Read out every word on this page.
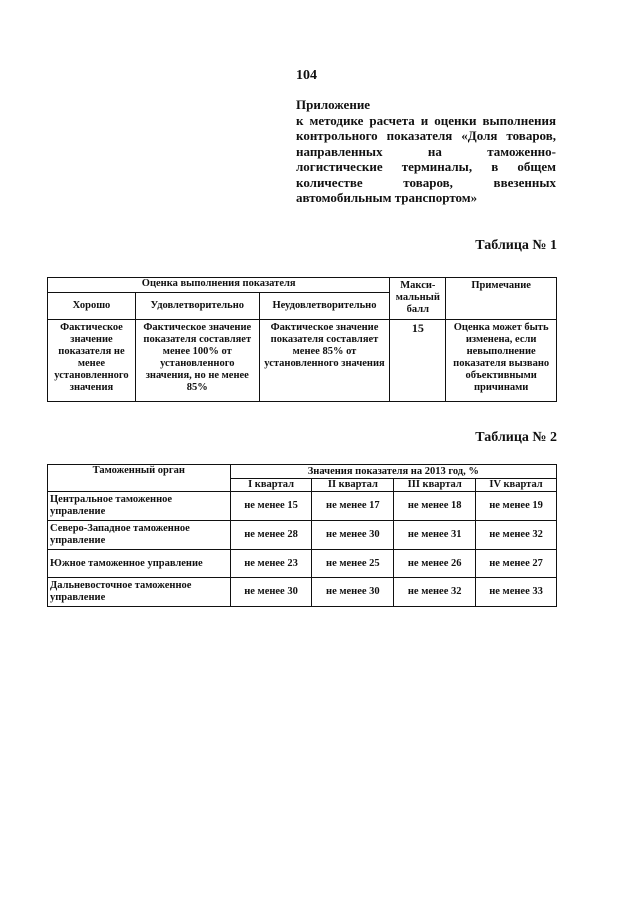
104
Приложение
к методике расчета и оценки выполнения
контрольного показателя «Доля товаров,
направленных на таможенно-
логистические терминалы, в общем
количестве товаров, ввезенных
автомобильным транспортом»
Таблица № 1
Оценка выполнения показателя			Макси-мальный балл	Примечание

Хорошо	Удовлетворительно	Неудовлетворительно		

Фактическое значение показателя не менее установленного значения	Фактическое значение показателя составляет менее 100% от установленного значения, но не менее 85%	Фактическое значение показателя составляет менее 85% от установленного значения	15	Оценка может быть изменена, если невыполнение показателя вызвано объективными причинами
Таблица № 2
Таможенный орган	Значения показателя на 2013 год, %			
	I квартал	II квартал	III квартал	IV квартал
Центральное таможенное управление	не менее 15	не менее 17	не менее 18	не менее 19
Северо-Западное таможенное управление	не менее 28	не менее 30	не менее 31	не менее 32
Южное таможенное управление	не менее 23	не менее 25	не менее 26	не менее 27
Дальневосточное таможенное управление	не менее 30	не менее 30	не менее 32	не менее 33
